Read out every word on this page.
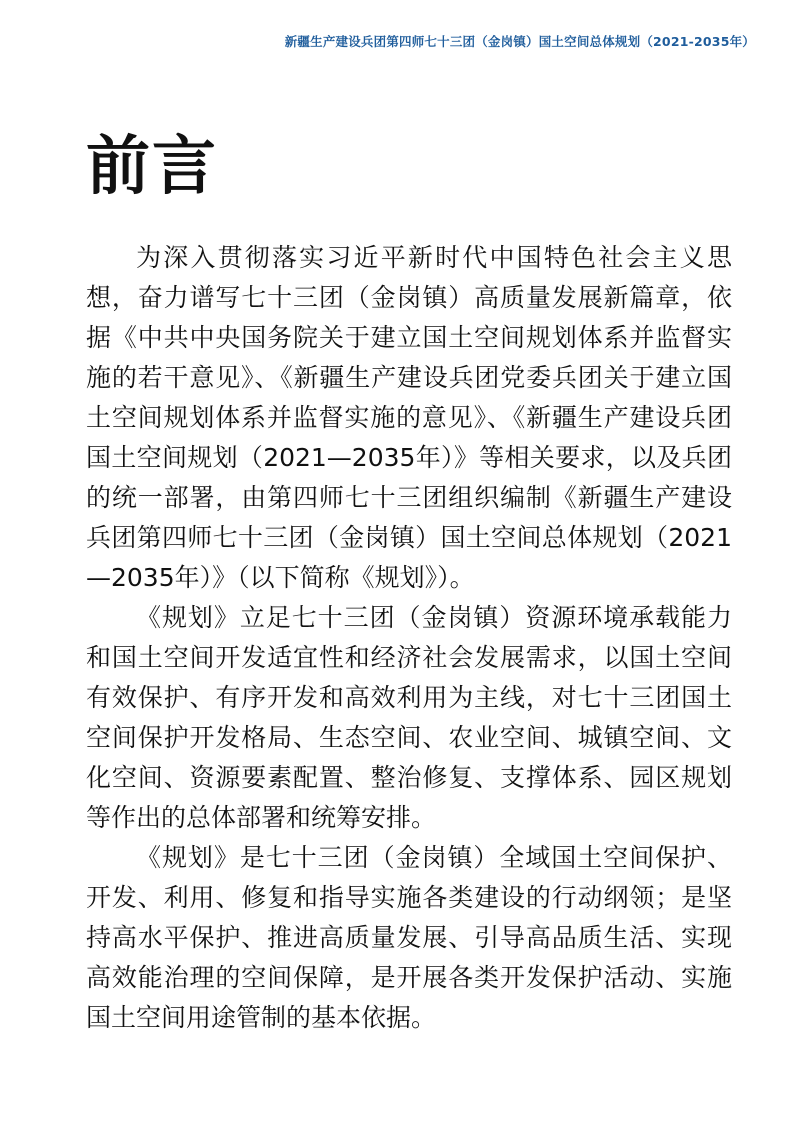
新疆生产建设兵团第四师七十三团（金岗镇）国土空间总体规划（2021-2035年）
前言

为深入贯彻落实习近平新时代中国特色社会主义思想，奋力谱写七十三团（金岗镇）高质量发展新篇章，依据《中共中央国务院关于建立国土空间规划体系并监督实施的若干意见》、《新疆生产建设兵团党委兵团关于建立国土空间规划体系并监督实施的意见》、《新疆生产建设兵团国土空间规划（2021—2035年）》等相关要求，以及兵团的统一部署，由第四师七十三团组织编制《新疆生产建设兵团第四师七十三团（金岗镇）国土空间总体规划（2021—2035年）》（以下简称《规划》）。

《规划》立足七十三团（金岗镇）资源环境承载能力和国土空间开发适宜性和经济社会发展需求，以国土空间有效保护、有序开发和高效利用为主线，对七十三团国土空间保护开发格局、生态空间、农业空间、城镇空间、文化空间、资源要素配置、整治修复、支撑体系、园区规划等作出的总体部署和统筹安排。

《规划》是七十三团（金岗镇）全域国土空间保护、开发、利用、修复和指导实施各类建设的行动纲领；是坚持高水平保护、推进高质量发展、引导高品质生活、实现高效能治理的空间保障，是开展各类开发保护活动、实施国土空间用途管制的基本依据。
